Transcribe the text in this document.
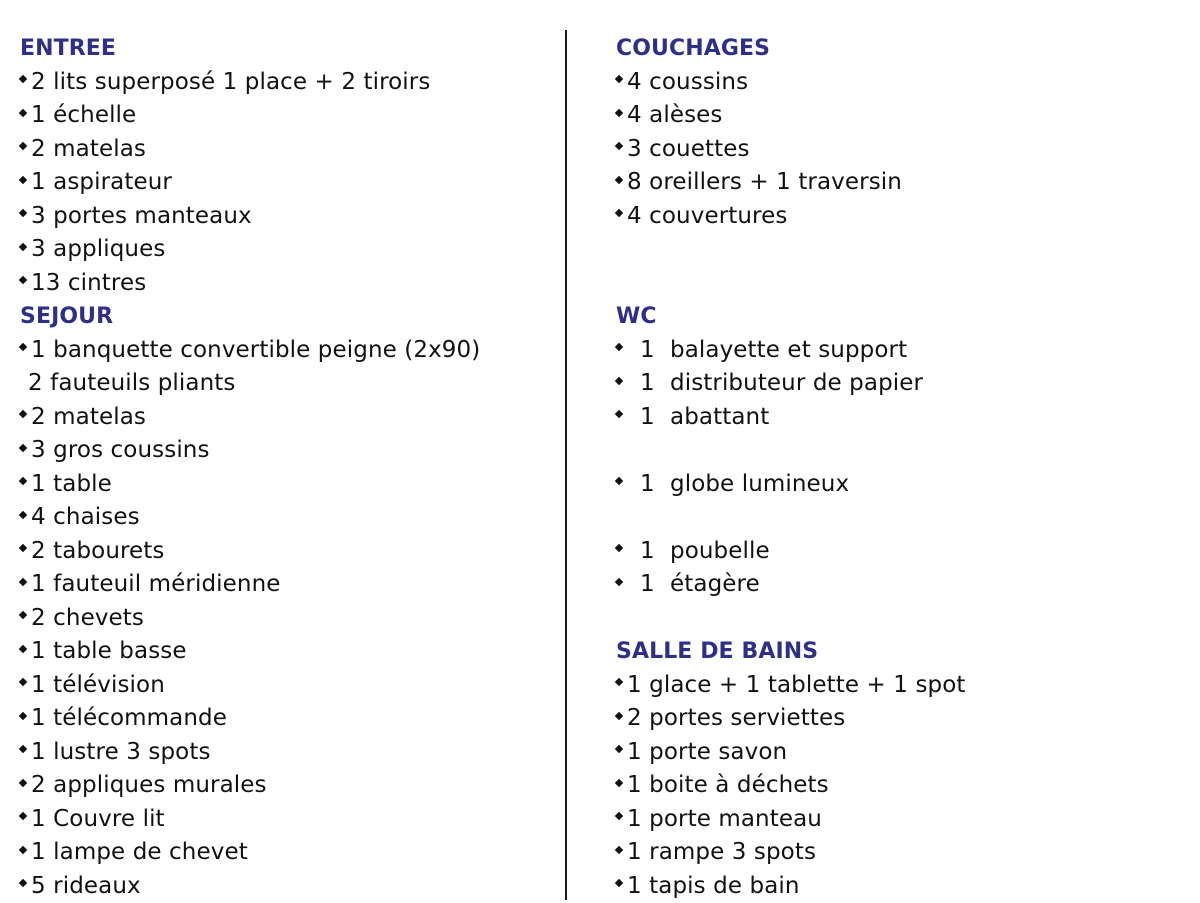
ENTREE
2 lits superposé 1 place + 2 tiroirs
1 échelle
2 matelas
1 aspirateur
3 portes manteaux
3 appliques
13 cintres
SEJOUR
1 banquette convertible peigne (2x90)
2 fauteuils pliants
2 matelas
3 gros coussins
1 table
4 chaises
2 tabourets
1 fauteuil méridienne
2 chevets
1 table basse
1 télévision
1 télécommande
1 lustre 3 spots
2 appliques murales
1 Couvre lit
1 lampe de chevet
5 rideaux
COUCHAGES
4 coussins
4 alèses
3 couettes
8 oreillers + 1 traversin
4 couvertures
WC
1 balayette et support
1 distributeur de papier
1 abattant
1 globe lumineux
1 poubelle
1 étagère
SALLE DE BAINS
1 glace + 1 tablette + 1 spot
2 portes serviettes
1 porte savon
1 boite à déchets
1 porte manteau
1 rampe 3 spots
1 tapis de bain
